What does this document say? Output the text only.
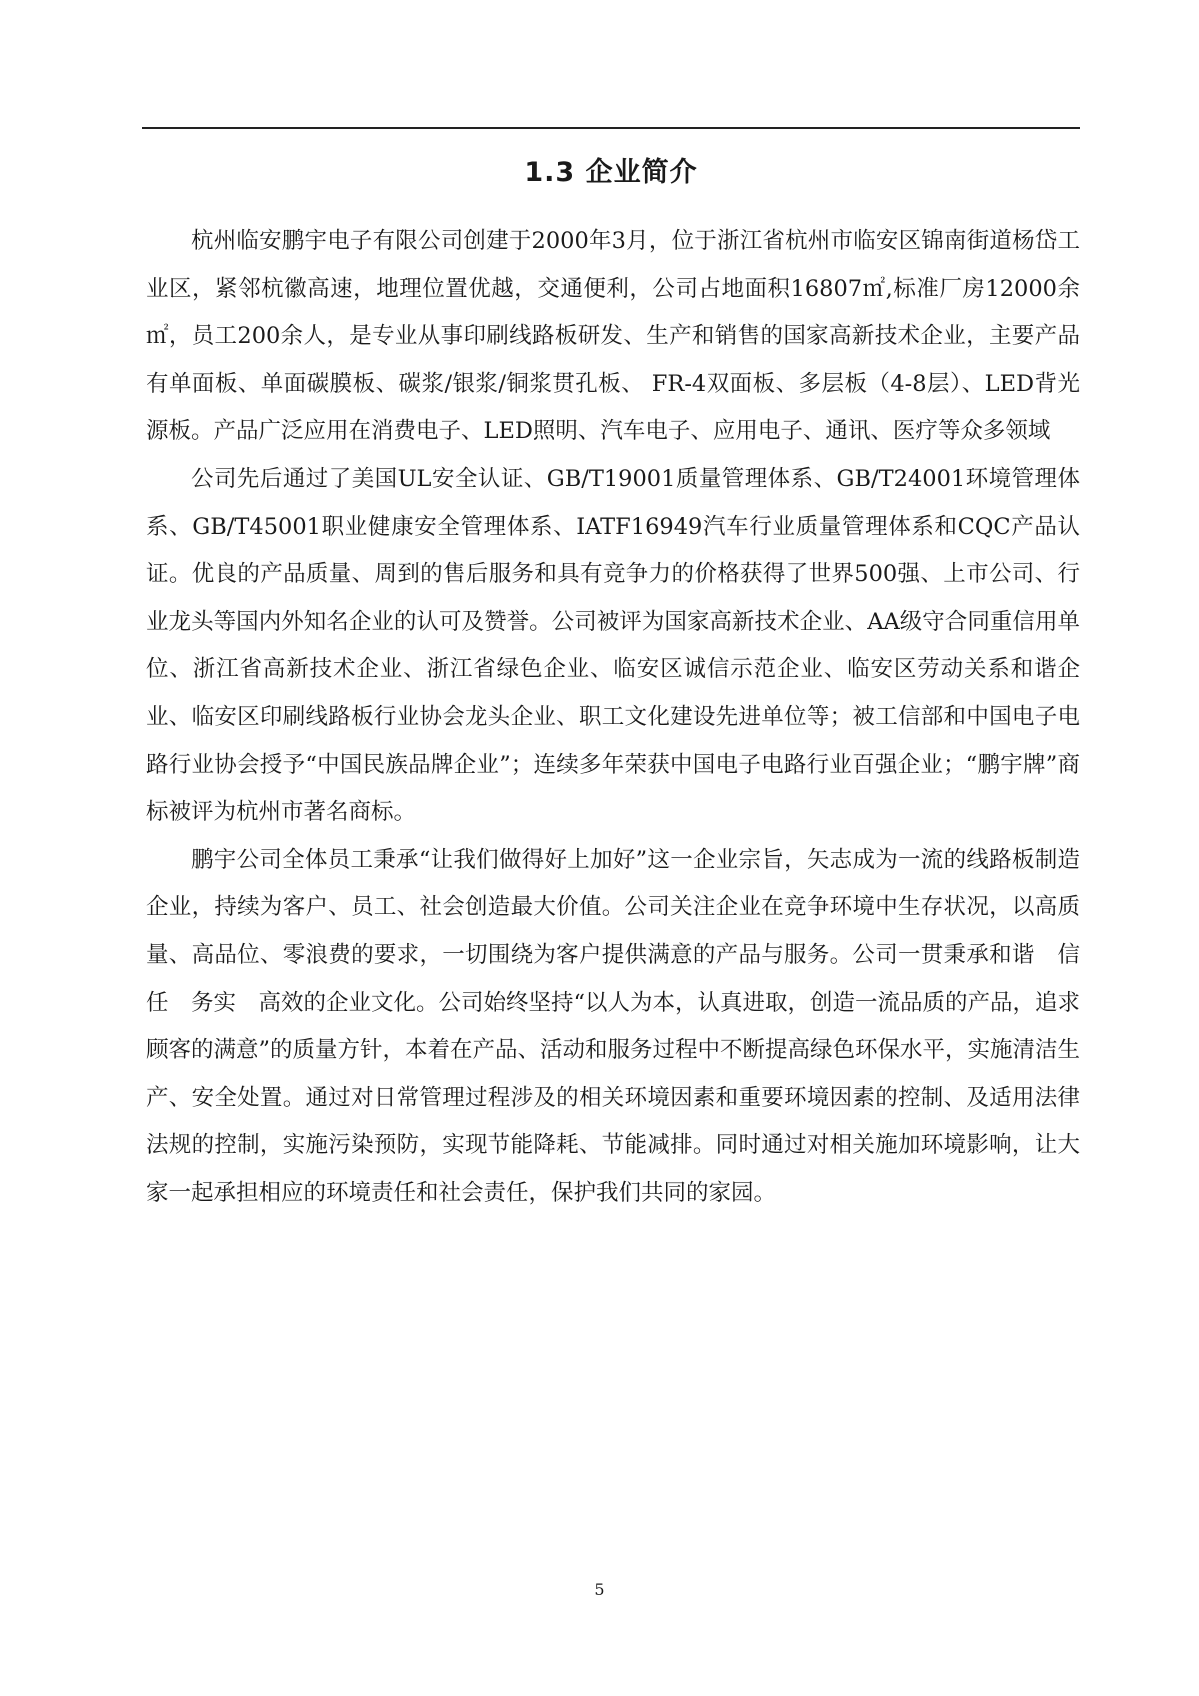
1.3 企业简介

杭州临安鹏宇电子有限公司创建于2000年3月，位于浙江省杭州市临安区锦南街道杨岱工业区，紧邻杭徽高速，地理位置优越，交通便利，公司占地面积16807㎡,标准厂房12000余㎡，员工200余人，是专业从事印刷线路板研发、生产和销售的国家高新技术企业，主要产品有单面板、单面碳膜板、碳浆/银浆/铜浆贯孔板、 FR-4双面板、多层板（4-8层）、LED背光源板。产品广泛应用在消费电子、LED照明、汽车电子、应用电子、通讯、医疗等众多领域

公司先后通过了美国UL安全认证、GB/T19001质量管理体系、GB/T24001环境管理体系、GB/T45001职业健康安全管理体系、IATF16949汽车行业质量管理体系和CQC产品认证。优良的产品质量、周到的售后服务和具有竞争力的价格获得了世界500强、上市公司、行业龙头等国内外知名企业的认可及赞誉。公司被评为国家高新技术企业、AA级守合同重信用单位、浙江省高新技术企业、浙江省绿色企业、临安区诚信示范企业、临安区劳动关系和谐企业、临安区印刷线路板行业协会龙头企业、职工文化建设先进单位等；被工信部和中国电子电路行业协会授予“中国民族品牌企业”；连续多年荣获中国电子电路行业百强企业；“鹏宇牌”商标被评为杭州市著名商标。

鹏宇公司全体员工秉承“让我们做得好上加好”这一企业宗旨，矢志成为一流的线路板制造企业，持续为客户、员工、社会创造最大价值。公司关注企业在竞争环境中生存状况，以高质量、高品位、零浪费的要求，一切围绕为客户提供满意的产品与服务。公司一贯秉承和谐　信任　务实　高效的企业文化。公司始终坚持“以人为本，认真进取，创造一流品质的产品，追求顾客的满意”的质量方针，本着在产品、活动和服务过程中不断提高绿色环保水平，实施清洁生产、安全处置。通过对日常管理过程涉及的相关环境因素和重要环境因素的控制、及适用法律法规的控制，实施污染预防，实现节能降耗、节能减排。同时通过对相关施加环境影响，让大家一起承担相应的环境责任和社会责任，保护我们共同的家园。

5
